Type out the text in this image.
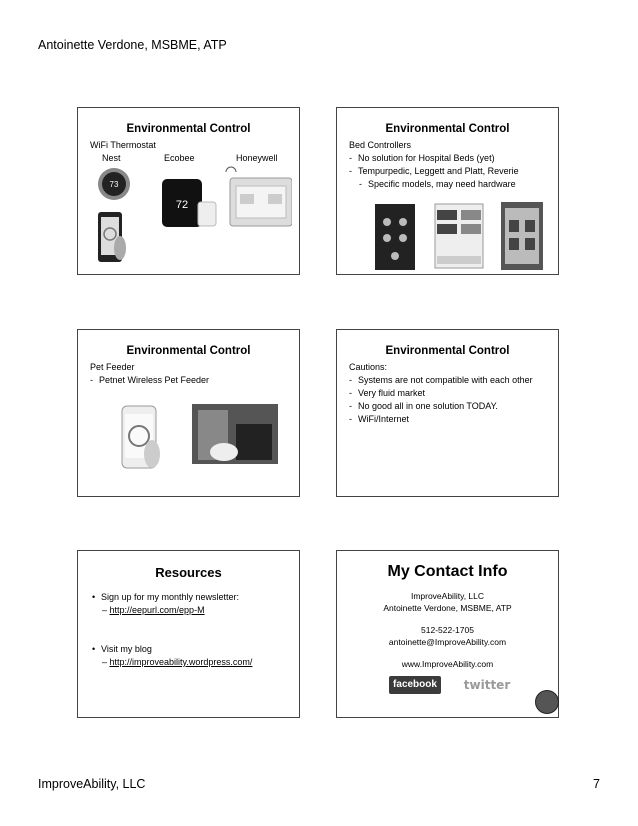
Antoinette Verdone, MSBME, ATP
Environmental Control
WiFi Thermostat
Nest	Ecobee	Honeywell
73
72
Environmental Control
Bed Controllers
- No solution for Hospital Beds (yet)
- Tempurpedic, Leggett and Platt, Reverie
- Specific models, may need hardware
Environmental Control
Pet Feeder
- Petnet Wireless Pet Feeder
Environmental Control
Cautions:
- Systems are not compatible with each other
- Very fluid market
- No good all in one solution TODAY.
- WiFi/Internet
Resources
• Sign up for my monthly newsletter:
– http://eepurl.com/epp-M
• Visit my blog
– http://improveability.wordpress.com/
My Contact Info
ImproveAbility, LLC
Antoinette Verdone, MSBME, ATP
512-522-1705
antoinette@ImproveAbility.com
www.ImproveAbility.com
facebook	twitter
ImproveAbility, LLC	7
